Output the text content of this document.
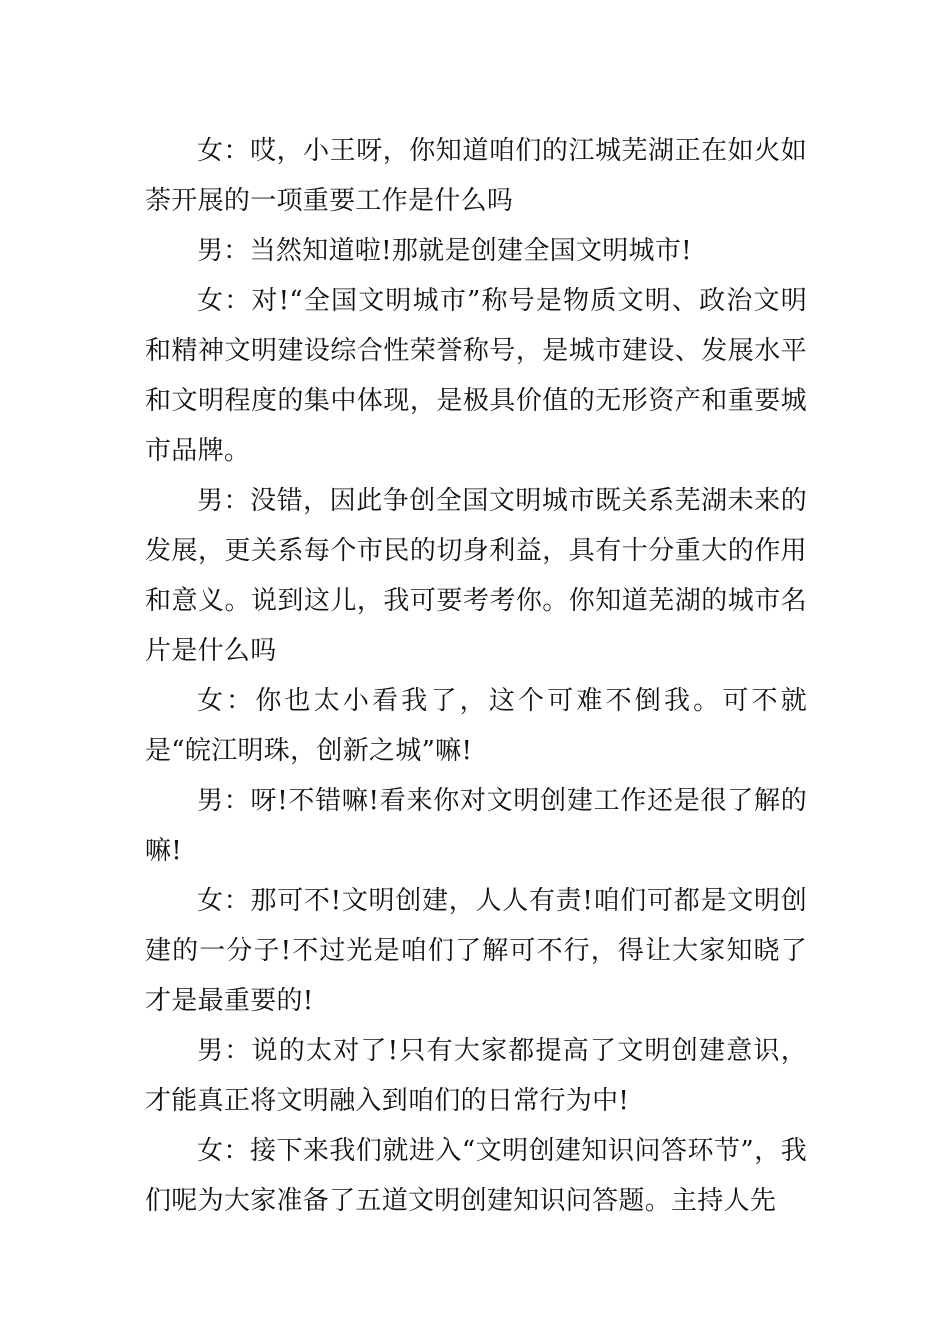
女：哎，小王呀，你知道咱们的江城芜湖正在如火如荼开展的一项重要工作是什么吗

男：当然知道啦!那就是创建全国文明城市!

女：对!“全国文明城市”称号是物质文明、政治文明和精神文明建设综合性荣誉称号，是城市建设、发展水平和文明程度的集中体现，是极具价值的无形资产和重要城市品牌。

男：没错，因此争创全国文明城市既关系芜湖未来的发展，更关系每个市民的切身利益，具有十分重大的作用和意义。说到这儿，我可要考考你。你知道芜湖的城市名片是什么吗

女：你也太小看我了，这个可难不倒我。可不就是“皖江明珠，创新之城”嘛!

男：呀!不错嘛!看来你对文明创建工作还是很了解的嘛!

女：那可不!文明创建，人人有责!咱们可都是文明创建的一分子!不过光是咱们了解可不行，得让大家知晓了才是最重要的!

男：说的太对了!只有大家都提高了文明创建意识，才能真正将文明融入到咱们的日常行为中!

女：接下来我们就进入“文明创建知识问答环节”，我们呢为大家准备了五道文明创建知识问答题。主持人先
